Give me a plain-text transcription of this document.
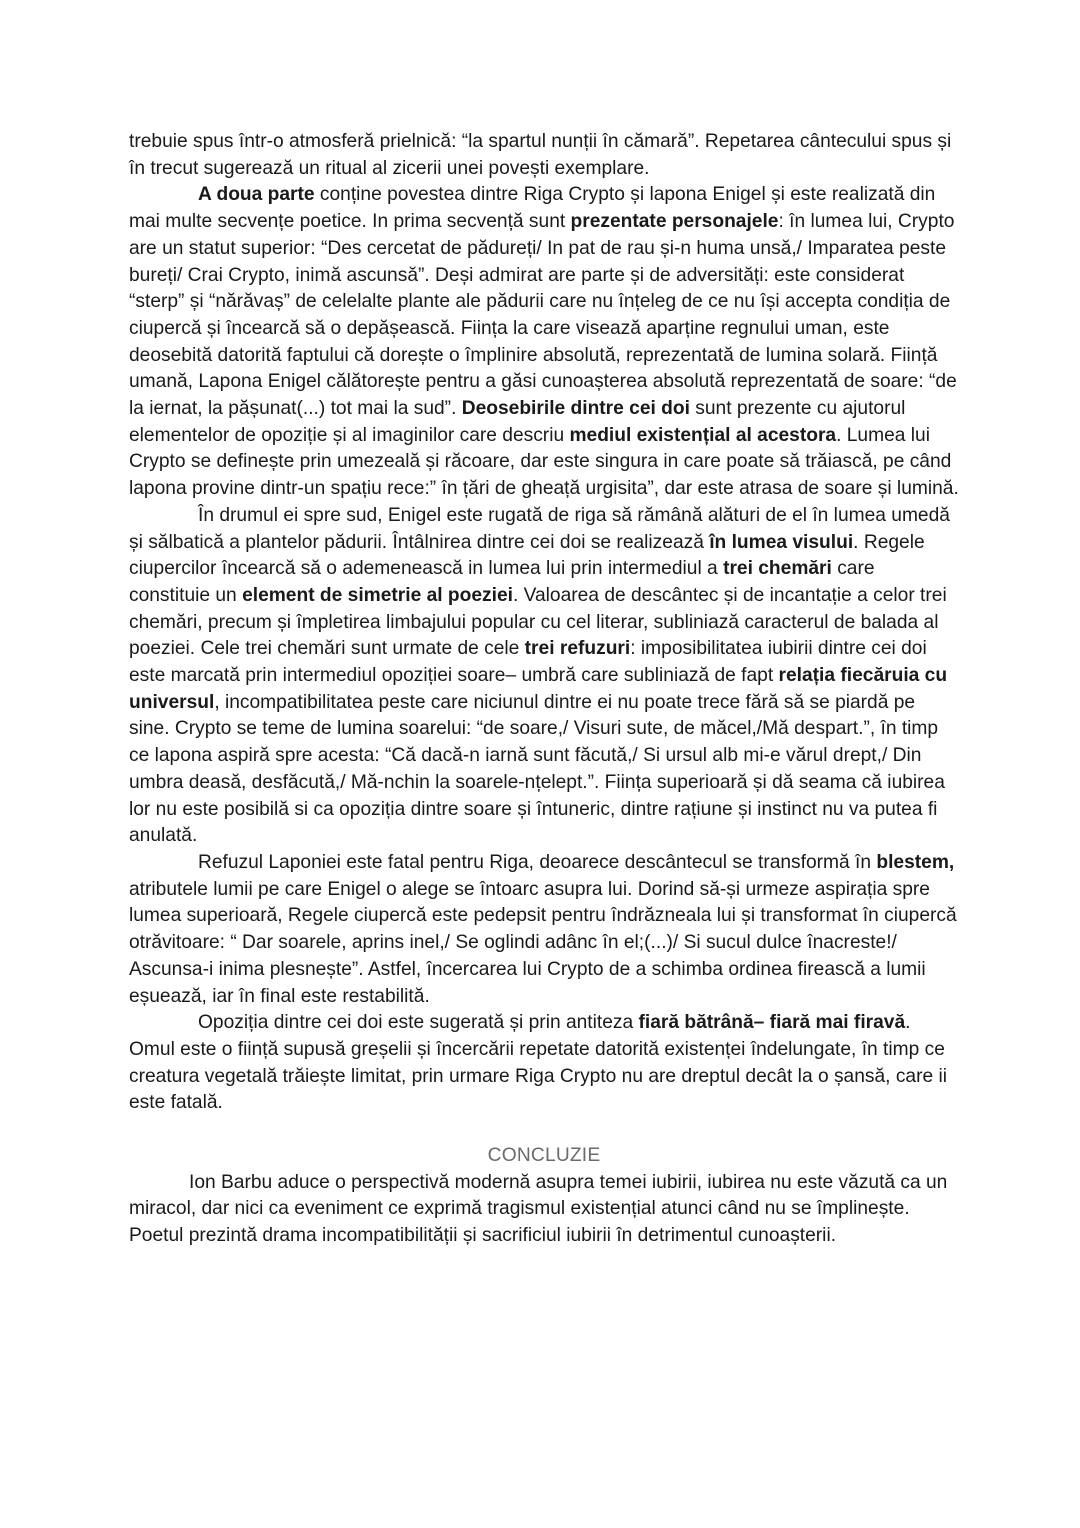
trebuie spus într-o atmosferă prielnică: “la spartul nunții în cămară”. Repetarea cântecului spus și în trecut sugerează un ritual al zicerii unei povești exemplare.

A doua parte conține povestea dintre Riga Crypto și lapona Enigel și este realizată din mai multe secvențe poetice. In prima secvență sunt prezentate personajele: în lumea lui, Crypto are un statut superior: “Des cercetat de pădureți/ In pat de rau și-n huma unsă,/ Imparatea peste bureți/ Crai Crypto, inimă ascunsă”. Deși admirat are parte și de adversități: este considerat “sterp” și “nărăvaș” de celelalte plante ale pădurii care nu înțeleg de ce nu își accepta condiția de ciupercă și încearcă să o depășească. Ființa la care visează aparține regnului uman, este deosebită datorită faptului că dorește o împlinire absolută, reprezentată de lumina solară. Ființă umană, Lapona Enigel călătorește pentru a găsi cunoașterea absolută reprezentată de soare: “de la iernat, la pășunat(...) tot mai la sud”. Deosebirile dintre cei doi sunt prezente cu ajutorul elementelor de opoziție și al imaginilor care descriu mediul existențial al acestora. Lumea lui Crypto se definește prin umezeală și răcoare, dar este singura in care poate să trăiască, pe când lapona provine dintr-un spațiu rece:” în țări de gheață urgisita”, dar este atrasa de soare și lumină.

În drumul ei spre sud, Enigel este rugată de riga să rămână alături de el în lumea umedă și sălbatică a plantelor pădurii. Întâlnirea dintre cei doi se realizează în lumea visului. Regele ciupercilor încearcă să o ademenească in lumea lui prin intermediul a trei chemări care constituie un element de simetrie al poeziei. Valoarea de descântec și de incantație a celor trei chemări, precum și împletirea limbajului popular cu cel literar, subliniază caracterul de balada al poeziei. Cele trei chemări sunt urmate de cele trei refuzuri: imposibilitatea iubirii dintre cei doi este marcată prin intermediul opoziției soare– umbră care subliniază de fapt relația fiecăruia cu universul, incompatibilitatea peste care niciunul dintre ei nu poate trece fără să se piardă pe sine. Crypto se teme de lumina soarelui: “de soare,/ Visuri sute, de măcel,/Mă despart.”, în timp ce lapona aspiră spre acesta: “Că dacă-n iarnă sunt făcută,/ Si ursul alb mi-e vărul drept,/ Din umbra deasă, desfăcută,/ Mă-nchin la soarele-nțelept.”. Ființa superioară și dă seama că iubirea lor nu este posibilă si ca opoziția dintre soare și întuneric, dintre rațiune și instinct nu va putea fi anulată.

Refuzul Laponiei este fatal pentru Riga, deoarece descântecul se transformă în blestem, atributele lumii pe care Enigel o alege se întoarc asupra lui. Dorind să-și urmeze aspirația spre lumea superioară, Regele ciupercă este pedepsit pentru îndrăzneala lui și transformat în ciupercă otrăvitoare: “ Dar soarele, aprins inel,/ Se oglindi adânc în el;(...)/ Si sucul dulce înacreste!/ Ascunsa-i inima plesnește”. Astfel, încercarea lui Crypto de a schimba ordinea firească a lumii eșuează, iar în final este restabilită.

Opoziția dintre cei doi este sugerată și prin antiteza fiară bătrână– fiară mai firavă. Omul este o ființă supusă greșelii și încercării repetate datorită existenței îndelungate, în timp ce creatura vegetală trăiește limitat, prin urmare Riga Crypto nu are dreptul decât la o șansă, care ii este fatală.

CONCLUZIE

Ion Barbu aduce o perspectivă modernă asupra temei iubirii, iubirea nu este văzută ca un miracol, dar nici ca eveniment ce exprimă tragismul existențial atunci când nu se împlinește. Poetul prezintă drama incompatibilității și sacrificiul iubirii în detrimentul cunoașterii.
